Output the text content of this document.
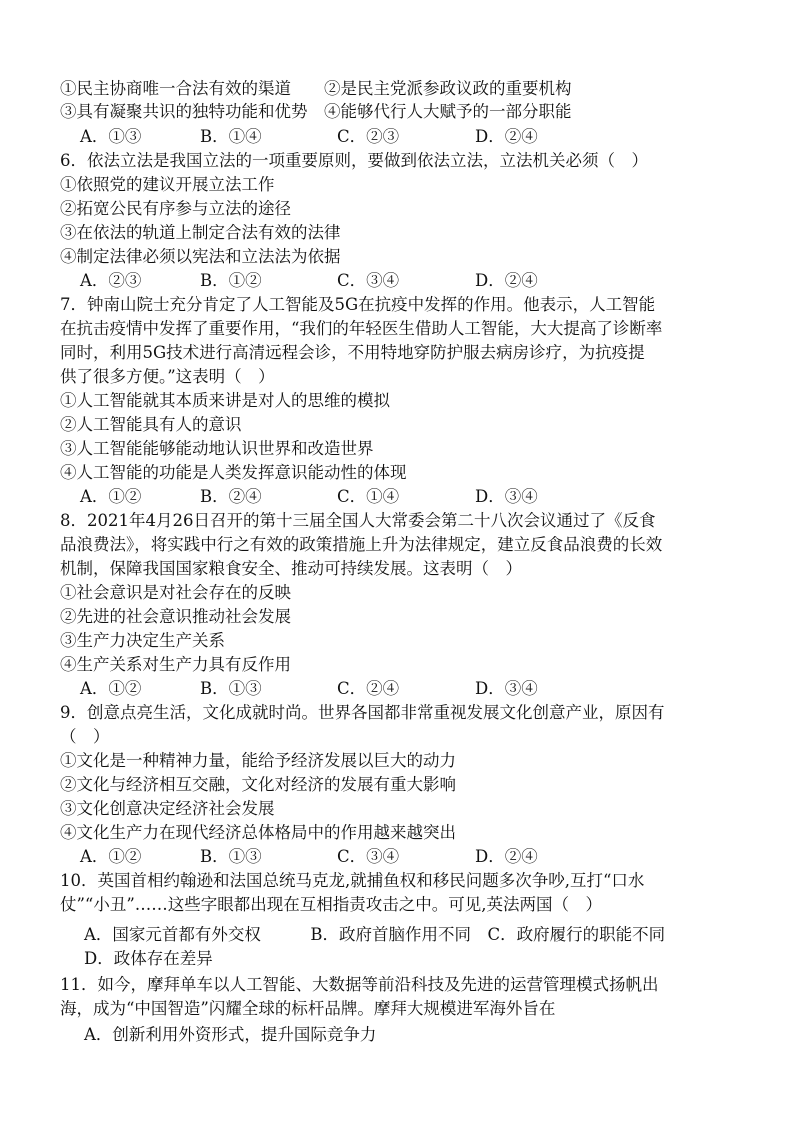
①民主协商唯一合法有效的渠道　　②是民主党派参政议政的重要机构
③具有凝聚共识的独特功能和优势　④能够代行人大赋予的一部分职能
A．①③	B．①④	C．②③	D．②④
6．依法立法是我国立法的一项重要原则，要做到依法立法，立法机关必须（　）
①依照党的建议开展立法工作
②拓宽公民有序参与立法的途径
③在依法的轨道上制定合法有效的法律
④制定法律必须以宪法和立法法为依据
A．②③	B．①②	C．③④	D．②④
7．钟南山院士充分肯定了人工智能及5G在抗疫中发挥的作用。他表示，人工智能
在抗击疫情中发挥了重要作用，“我们的年轻医生借助人工智能，大大提高了诊断率
同时，利用5G技术进行高清远程会诊，不用特地穿防护服去病房诊疗，为抗疫提
供了很多方便。”这表明（　）
①人工智能就其本质来讲是对人的思维的模拟
②人工智能具有人的意识
③人工智能能够能动地认识世界和改造世界
④人工智能的功能是人类发挥意识能动性的体现
A．①②	B．②④	C．①④	D．③④
8．2021年4月26日召开的第十三届全国人大常委会第二十八次会议通过了《反食
品浪费法》，将实践中行之有效的政策措施上升为法律规定，建立反食品浪费的长效
机制，保障我国国家粮食安全、推动可持续发展。这表明（　）
①社会意识是对社会存在的反映
②先进的社会意识推动社会发展
③生产力决定生产关系
④生产关系对生产力具有反作用
A．①②	B．①③	C．②④	D．③④
9．创意点亮生活，文化成就时尚。世界各国都非常重视发展文化创意产业，原因有
（　）
①文化是一种精神力量，能给予经济发展以巨大的动力
②文化与经济相互交融，文化对经济的发展有重大影响
③文化创意决定经济社会发展
④文化生产力在现代经济总体格局中的作用越来越突出
A．①②	B．①③	C．③④	D．②④
10．英国首相约翰逊和法国总统马克龙,就捕鱼权和移民问题多次争吵,互打“口水
仗”“小丑”……这些字眼都出现在互相指责攻击之中。可见,英法两国（　）
A．国家元首都有外交权　　　B．政府首脑作用不同　C．政府履行的职能不同
D．政体存在差异
11．如今，摩拜单车以人工智能、大数据等前沿科技及先进的运营管理模式扬帆出
海，成为“中国智造”闪耀全球的标杆品牌。摩拜大规模进军海外旨在
A．创新利用外资形式，提升国际竞争力
